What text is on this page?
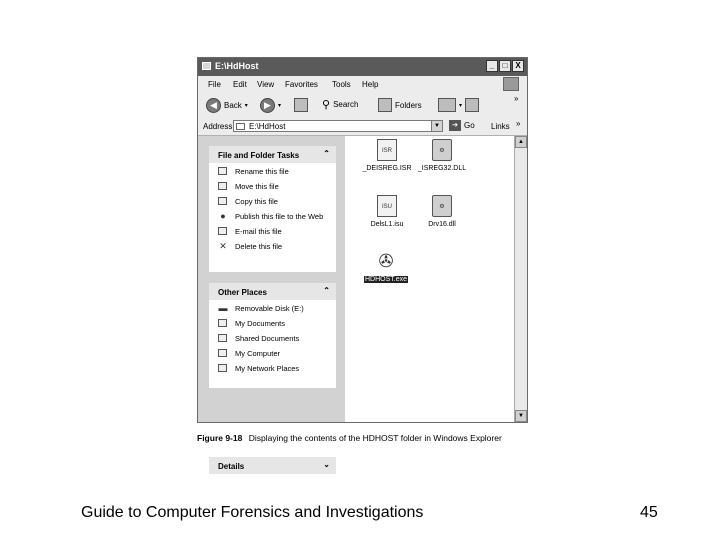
E:\HdHost	_	□ X
File Edit View Favorites Tools Help
◀ Back ▾	▶	▾	⚲ Search	Folders	▾
»
Address E:\HdHost	▼	➔ Go Links »
File and Folder Tasks	⌃
Rename this file
Move this file
Copy this file
●	Publish this file to the Web
E-mail this file
✕ Delete this file
Other Places	⌃
▬ Removable Disk (E:)
My Documents
Shared Documents
My Computer
My Network Places
Details	⌄
ISR
_DEISREG.ISR
⚙
_ISREG32.DLL
ISU
DelsL1.isu
⚙
Drv16.dll
✇
HDHOST.exe
▲
▼
Figure 9-18 Displaying the contents of the HDHOST folder in Windows Explorer
Guide to Computer Forensics and Investigations	45
